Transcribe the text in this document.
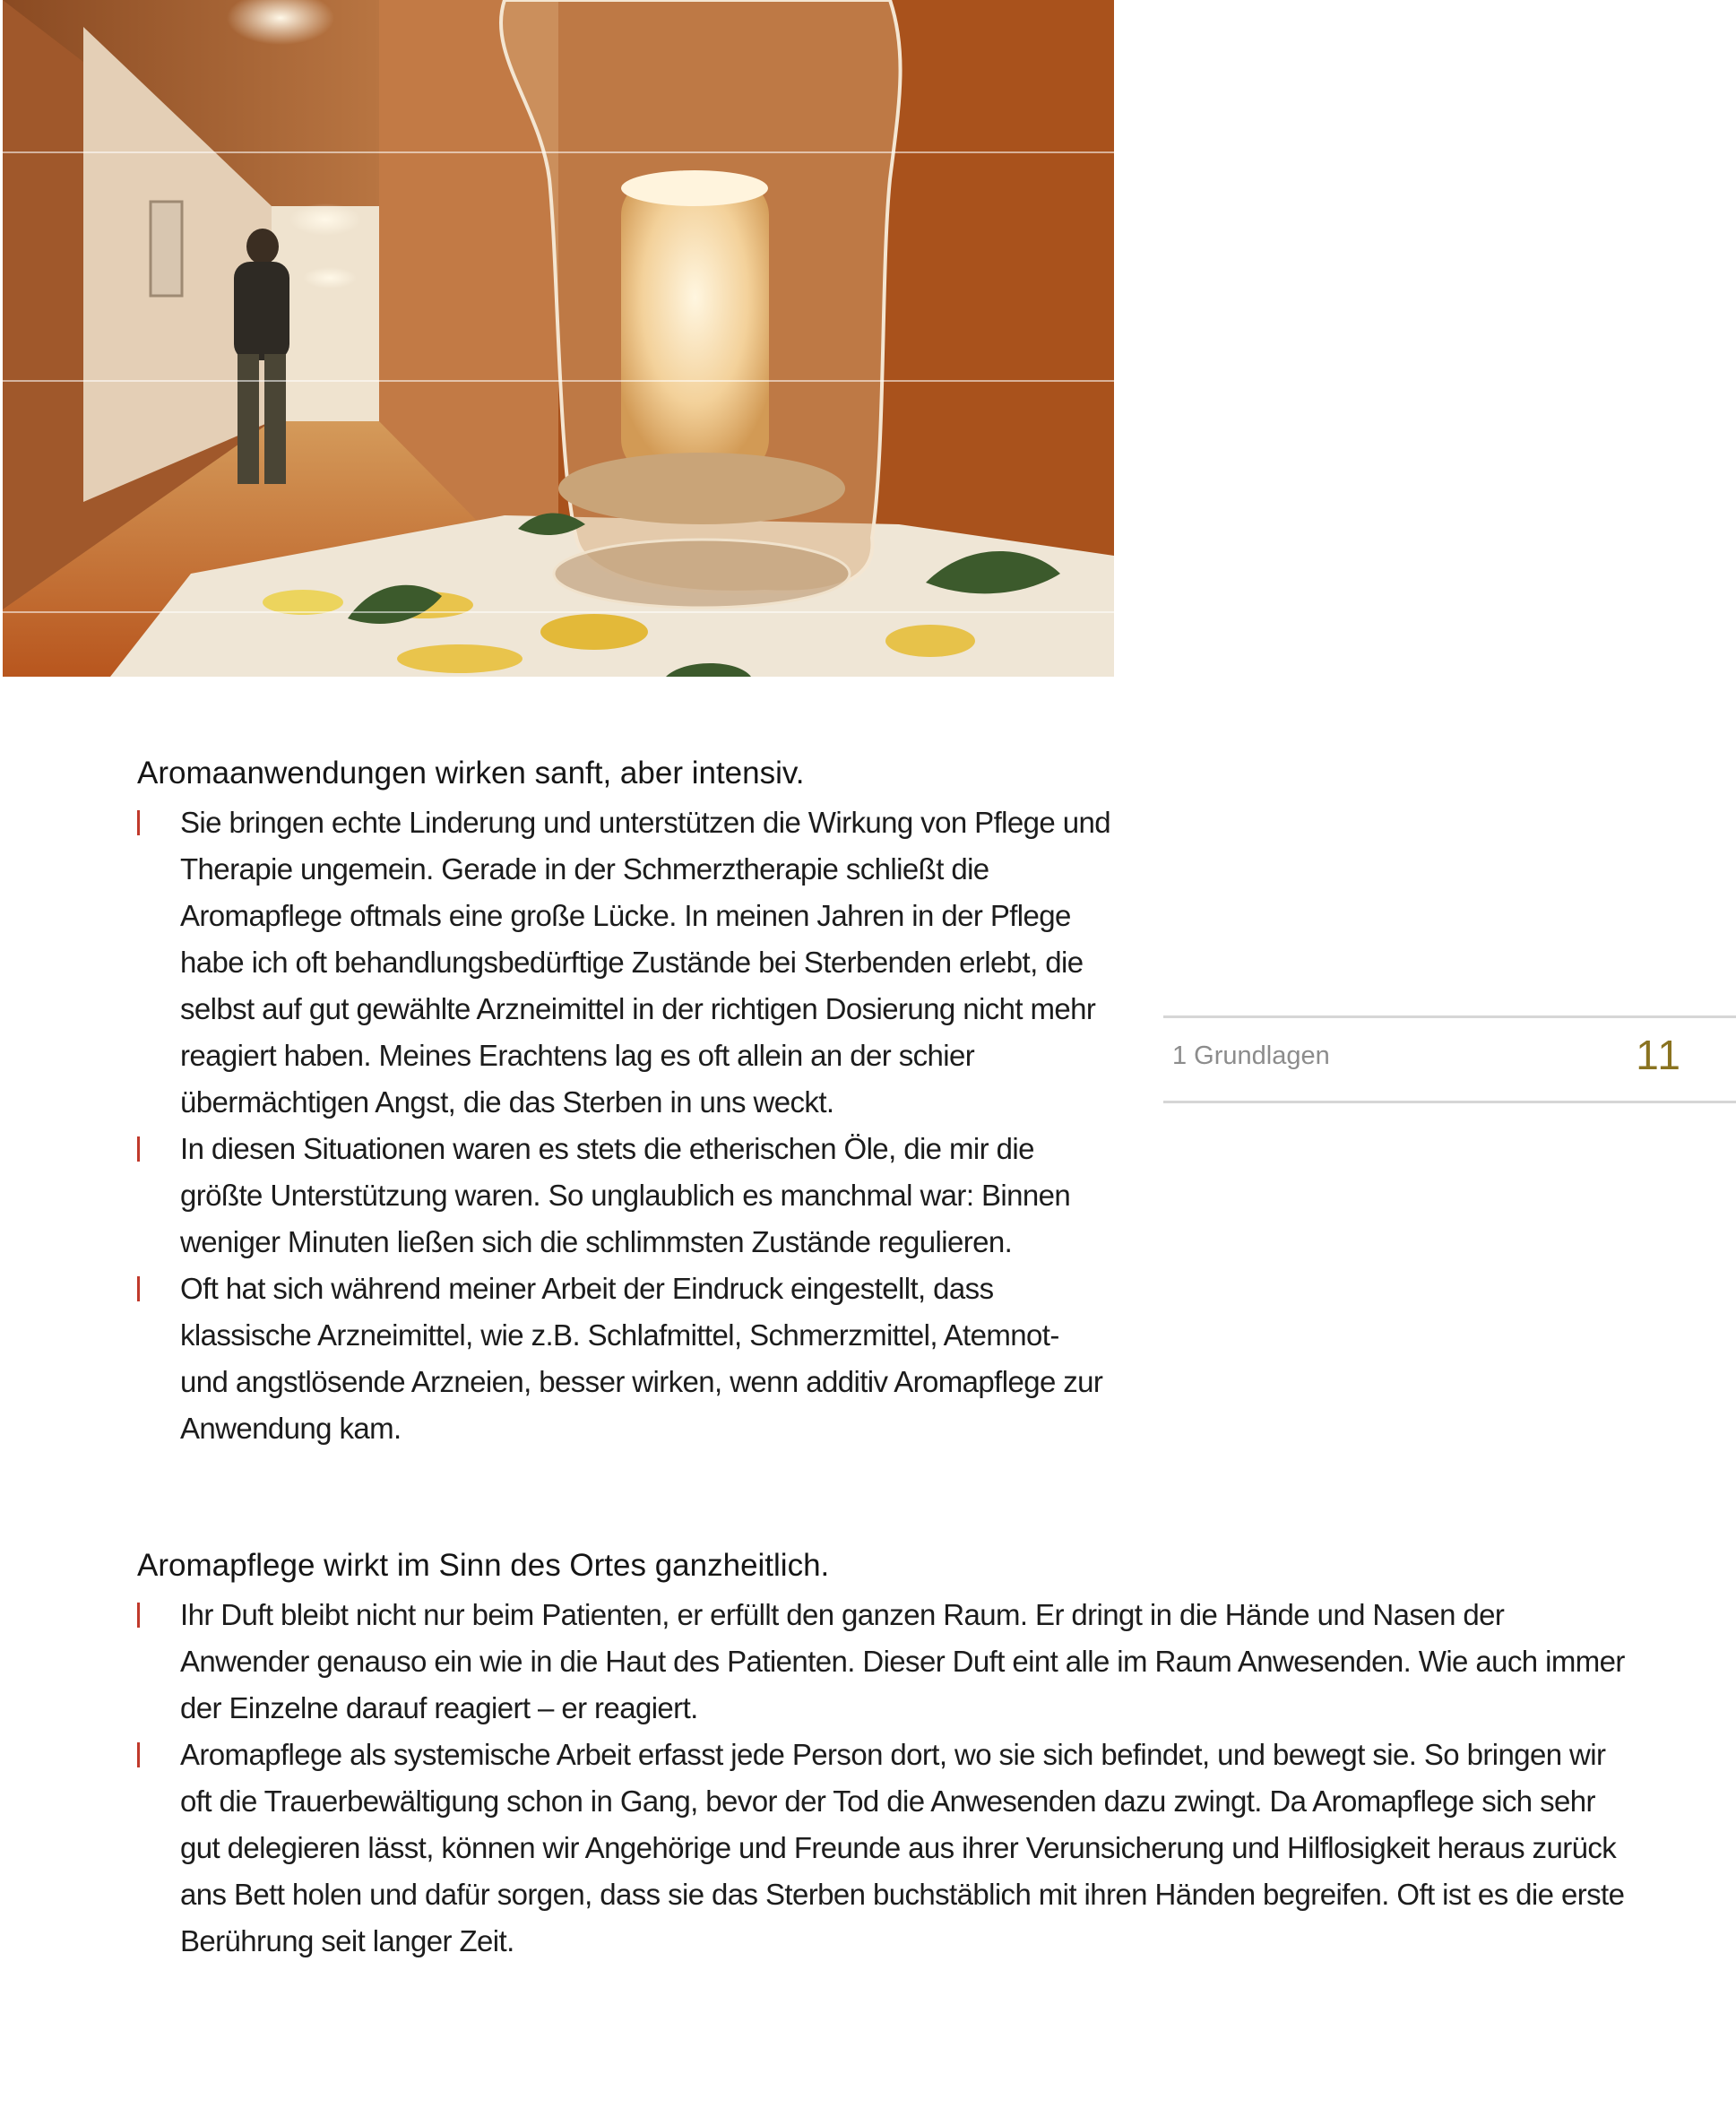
Aromaanwendungen wirken sanft, aber intensiv.
Sie bringen echte Linderung und unterstützen die Wirkung von Pflege und Therapie ungemein. Gerade in der Schmerztherapie schließt die Aromapflege oftmals eine große Lücke. In meinen Jahren in der Pflege habe ich oft behandlungsbedürftige Zustände bei Sterbenden erlebt, die selbst auf gut gewählte Arzneimittel in der richtigen Dosierung nicht mehr reagiert haben. Meines Erachtens lag es oft allein an der schier übermächtigen Angst, die das Sterben in uns weckt.
In diesen Situationen waren es stets die etherischen Öle, die mir die größte Unterstützung waren. So unglaublich es manchmal war: Binnen weniger Minuten ließen sich die schlimmsten Zustände regulieren.
Oft hat sich während meiner Arbeit der Eindruck eingestellt, dass klassische Arzneimittel, wie z.B. Schlafmittel, Schmerzmittel, Atemnot- und angstlösende Arzneien, besser wirken, wenn additiv Aromapflege zur Anwendung kam.
1 Grundlagen	11
Aromapflege wirkt im Sinn des Ortes ganzheitlich.
Ihr Duft bleibt nicht nur beim Patienten, er erfüllt den ganzen Raum. Er dringt in die Hände und Nasen der Anwender genauso ein wie in die Haut des Patienten. Dieser Duft eint alle im Raum Anwesenden. Wie auch immer der Einzelne darauf reagiert – er reagiert.
Aromapflege als systemische Arbeit erfasst jede Person dort, wo sie sich befindet, und bewegt sie. So bringen wir oft die Trauerbewältigung schon in Gang, bevor der Tod die Anwesenden dazu zwingt. Da Aromapflege sich sehr gut delegieren lässt, können wir Angehörige und Freunde aus ihrer Verunsicherung und Hilflosigkeit heraus zurück ans Bett holen und dafür sorgen, dass sie das Sterben buchstäblich mit ihren Händen begreifen. Oft ist es die erste Berührung seit langer Zeit.
